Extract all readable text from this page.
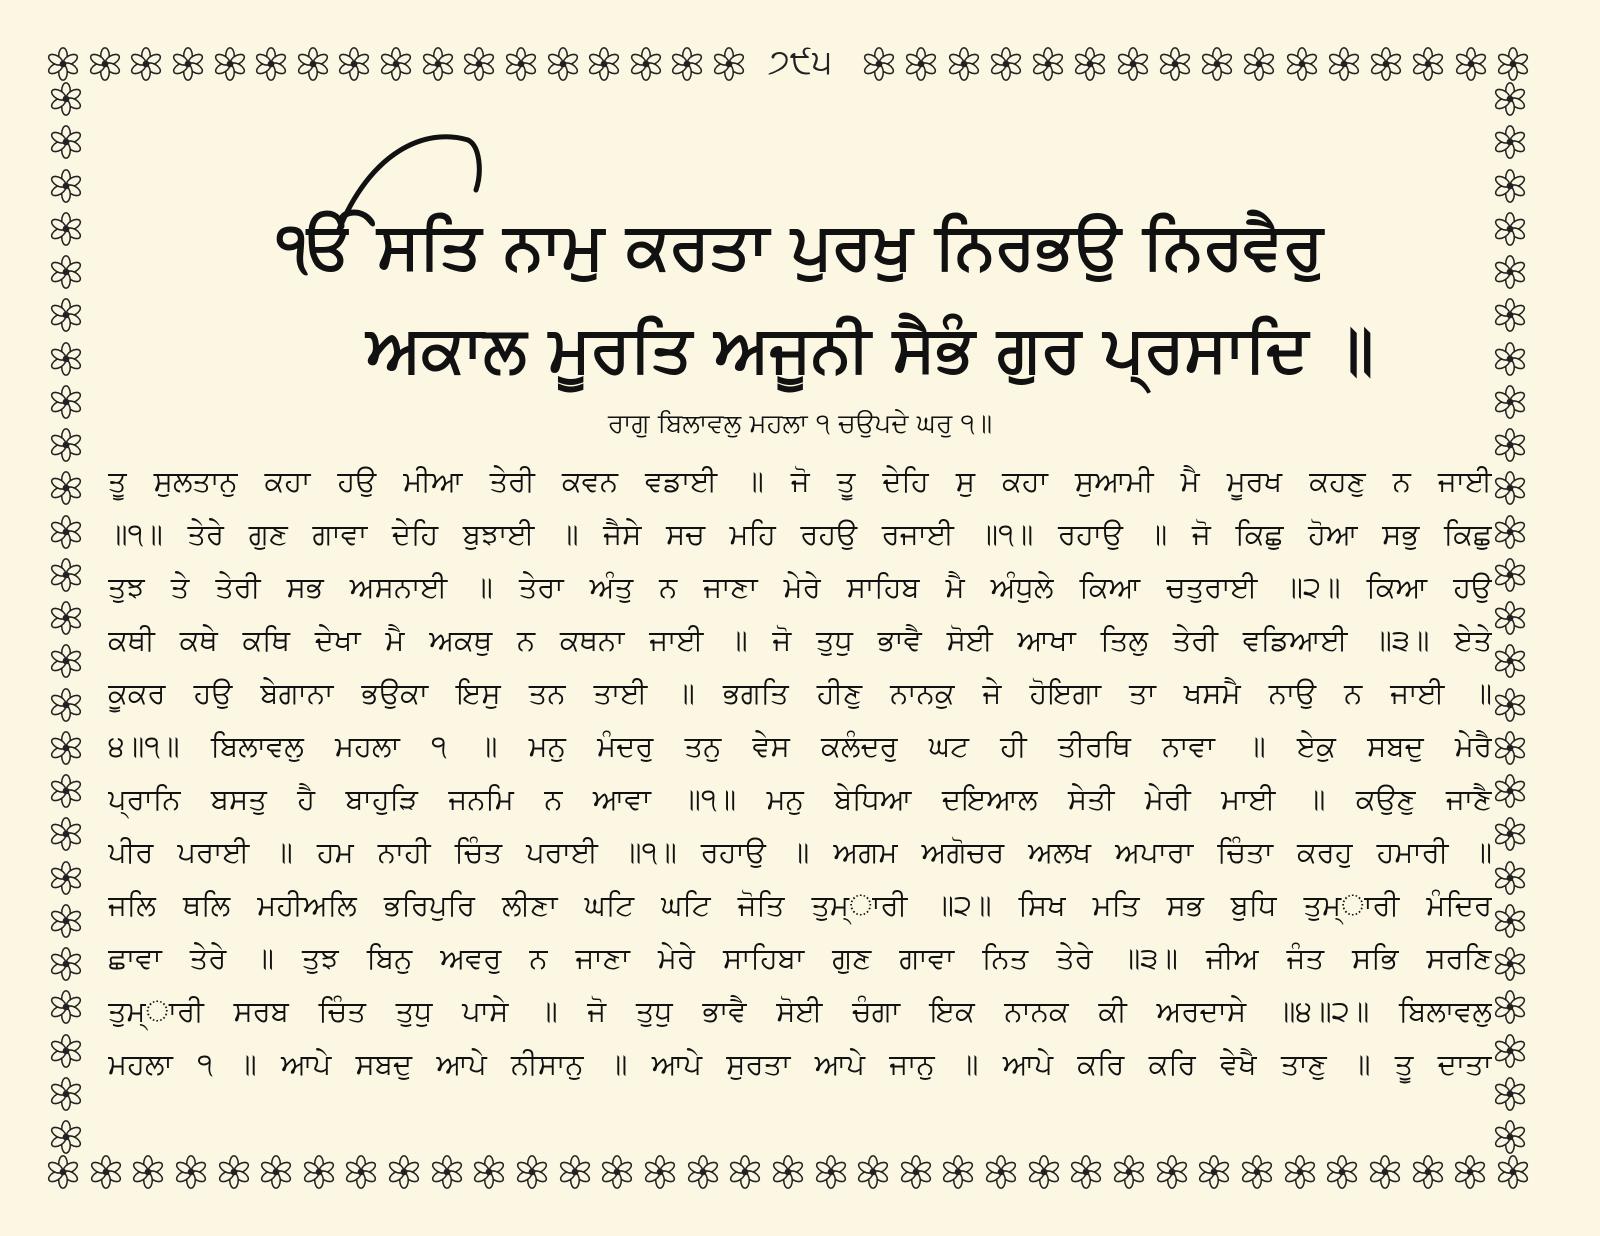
੭੯੫
ੴ ਸਤਿ ਨਾਮੁ ਕਰਤਾ ਪੁਰਖੁ ਨਿਰਭਉ ਨਿਰਵੈਰੁ
ਅਕਾਲ ਮੂਰਤਿ ਅਜੂਨੀ ਸੈਭੰ ਗੁਰ ਪ੍ਰਸਾਦਿ ॥
ਰਾਗੁ ਬਿਲਾਵਲੁ ਮਹਲਾ ੧ ਚਉਪਦੇ ਘਰੁ ੧॥
ਤੂ ਸੁਲਤਾਨੁ ਕਹਾ ਹਉ ਮੀਆ ਤੇਰੀ ਕਵਨ ਵਡਾਈ ॥ ਜੋ ਤੂ ਦੇਹਿ ਸੁ ਕਹਾ ਸੁਆਮੀ ਮੈ ਮੂਰਖ ਕਹਣੁ ਨ ਜਾਈ
॥੧॥ ਤੇਰੇ ਗੁਣ ਗਾਵਾ ਦੇਹਿ ਬੁਝਾਈ ॥ ਜੈਸੇ ਸਚ ਮਹਿ ਰਹਉ ਰਜਾਈ ॥੧॥ ਰਹਾਉ ॥ ਜੋ ਕਿਛੁ ਹੋਆ ਸਭੁ ਕਿਛੁ
ਤੁਝ ਤੇ ਤੇਰੀ ਸਭ ਅਸਨਾਈ ॥ ਤੇਰਾ ਅੰਤੁ ਨ ਜਾਣਾ ਮੇਰੇ ਸਾਹਿਬ ਮੈ ਅੰਧੁਲੇ ਕਿਆ ਚਤੁਰਾਈ ॥੨॥ ਕਿਆ ਹਉ
ਕਥੀ ਕਥੇ ਕਥਿ ਦੇਖਾ ਮੈ ਅਕਥੁ ਨ ਕਥਨਾ ਜਾਈ ॥ ਜੋ ਤੁਧੁ ਭਾਵੈ ਸੋਈ ਆਖਾ ਤਿਲੁ ਤੇਰੀ ਵਡਿਆਈ ॥੩॥ ਏਤੇ
ਕੂਕਰ ਹਉ ਬੇਗਾਨਾ ਭਉਕਾ ਇਸੁ ਤਨ ਤਾਈ ॥ ਭਗਤਿ ਹੀਣੁ ਨਾਨਕੁ ਜੇ ਹੋਇਗਾ ਤਾ ਖਸਮੈ ਨਾਉ ਨ ਜਾਈ ॥
੪॥੧॥ ਬਿਲਾਵਲੁ ਮਹਲਾ ੧ ॥ ਮਨੁ ਮੰਦਰੁ ਤਨੁ ਵੇਸ ਕਲੰਦਰੁ ਘਟ ਹੀ ਤੀਰਥਿ ਨਾਵਾ ॥ ਏਕੁ ਸਬਦੁ ਮੇਰੈ
ਪ੍ਰਾਨਿ ਬਸਤੁ ਹੈ ਬਾਹੁੜਿ ਜਨਮਿ ਨ ਆਵਾ ॥੧॥ ਮਨੁ ਬੇਧਿਆ ਦਇਆਲ ਸੇਤੀ ਮੇਰੀ ਮਾਈ ॥ ਕਉਣੁ ਜਾਣੈ
ਪੀਰ ਪਰਾਈ ॥ ਹਮ ਨਾਹੀ ਚਿੰਤ ਪਰਾਈ ॥੧॥ ਰਹਾਉ ॥ ਅਗਮ ਅਗੋਚਰ ਅਲਖ ਅਪਾਰਾ ਚਿੰਤਾ ਕਰਹੁ ਹਮਾਰੀ ॥
ਜਲਿ ਥਲਿ ਮਹੀਅਲਿ ਭਰਿਪੁਰਿ ਲੀਣਾ ਘਟਿ ਘਟਿ ਜੋਤਿ ਤੁਮ੍ਾਰੀ ॥੨॥ ਸਿਖ ਮਤਿ ਸਭ ਬੁਧਿ ਤੁਮ੍ਾਰੀ ਮੰਦਿਰ
ਛਾਵਾ ਤੇਰੇ ॥ ਤੁਝ ਬਿਨੁ ਅਵਰੁ ਨ ਜਾਣਾ ਮੇਰੇ ਸਾਹਿਬਾ ਗੁਣ ਗਾਵਾ ਨਿਤ ਤੇਰੇ ॥੩॥ ਜੀਅ ਜੰਤ ਸਭਿ ਸਰਣਿ
ਤੁਮ੍ਾਰੀ ਸਰਬ ਚਿੰਤ ਤੁਧੁ ਪਾਸੇ ॥ ਜੋ ਤੁਧੁ ਭਾਵੈ ਸੋਈ ਚੰਗਾ ਇਕ ਨਾਨਕ ਕੀ ਅਰਦਾਸੇ ॥੪॥੨॥ ਬਿਲਾਵਲੁ
ਮਹਲਾ ੧ ॥ ਆਪੇ ਸਬਦੁ ਆਪੇ ਨੀਸਾਨੁ ॥ ਆਪੇ ਸੁਰਤਾ ਆਪੇ ਜਾਨੁ ॥ ਆਪੇ ਕਰਿ ਕਰਿ ਵੇਖੈ ਤਾਣੁ ॥ ਤੂ ਦਾਤਾ
